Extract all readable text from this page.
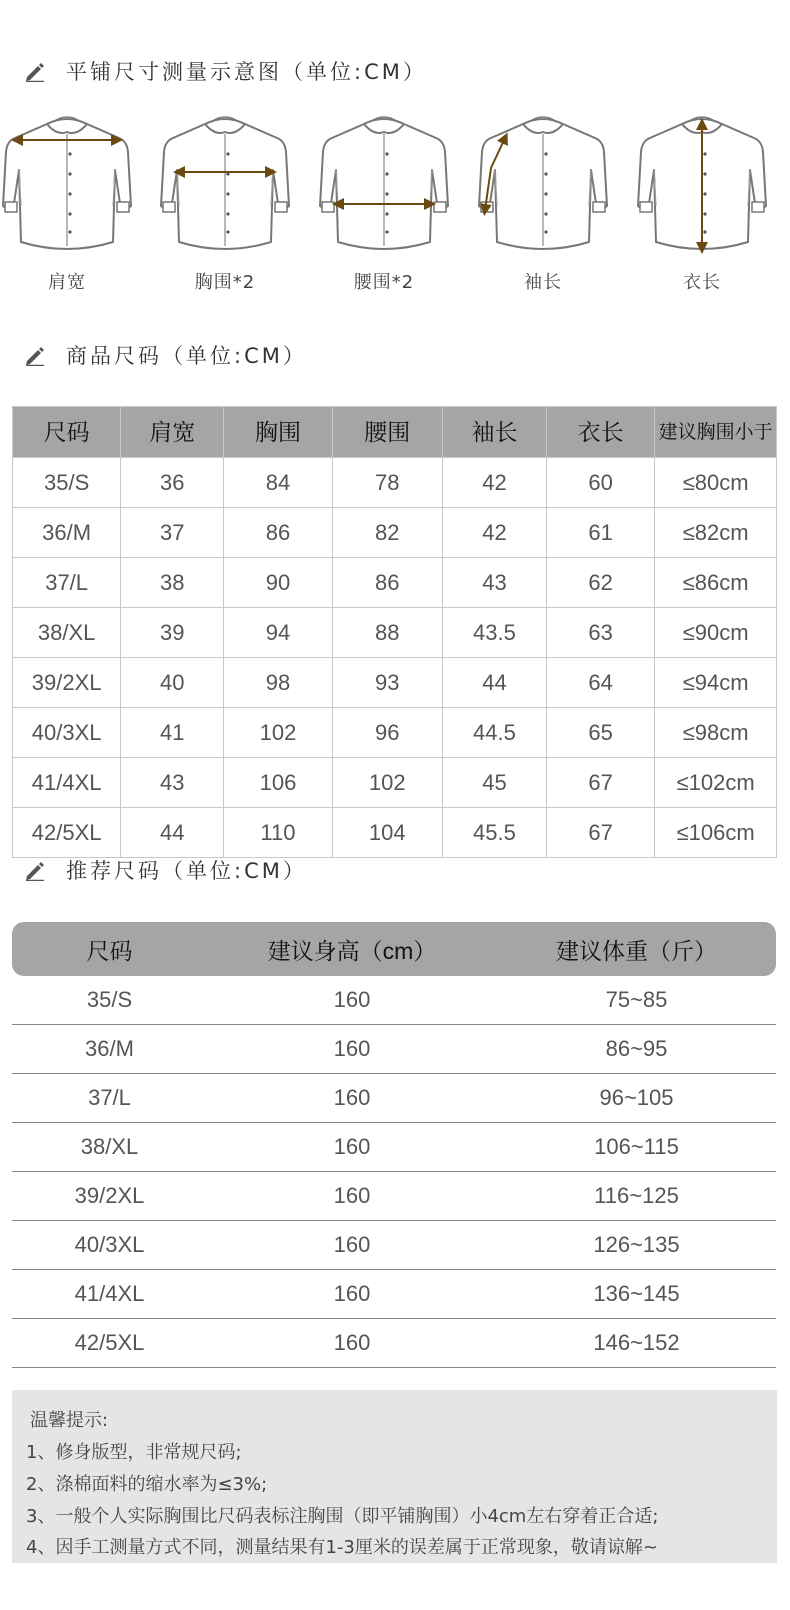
平铺尺寸测量示意图（单位:CM）
肩宽	胸围*2	腰围*2	袖长	衣长
商品尺码（单位:CM）
尺码	肩宽	胸围	腰围	袖长	衣长	建议胸围小于
35/S	36	84	78	42	60	≤80cm
36/M	37	86	82	42	61	≤82cm
37/L	38	90	86	43	62	≤86cm
38/XL	39	94	88	43.5	63	≤90cm
39/2XL	40	98	93	44	64	≤94cm
40/3XL	41	102	96	44.5	65	≤98cm
41/4XL	43	106	102	45	67	≤102cm
42/5XL	44	110	104	45.5	67	≤106cm
推荐尺码（单位:CM）
尺码	建议身高（cm）	建议体重（斤）
35/S	160	75~85
36/M	160	86~95
37/L	160	96~105
38/XL	160	106~115
39/2XL	160	116~125
40/3XL	160	126~135
41/4XL	160	136~145
42/5XL	160	146~152
温馨提示:
1、修身版型，非常规尺码;
2、涤棉面料的缩水率为≤3%;
3、一般个人实际胸围比尺码表标注胸围（即平铺胸围）小4cm左右穿着正合适;
4、因手工测量方式不同，测量结果有1-3厘米的误差属于正常现象，敬请谅解~
